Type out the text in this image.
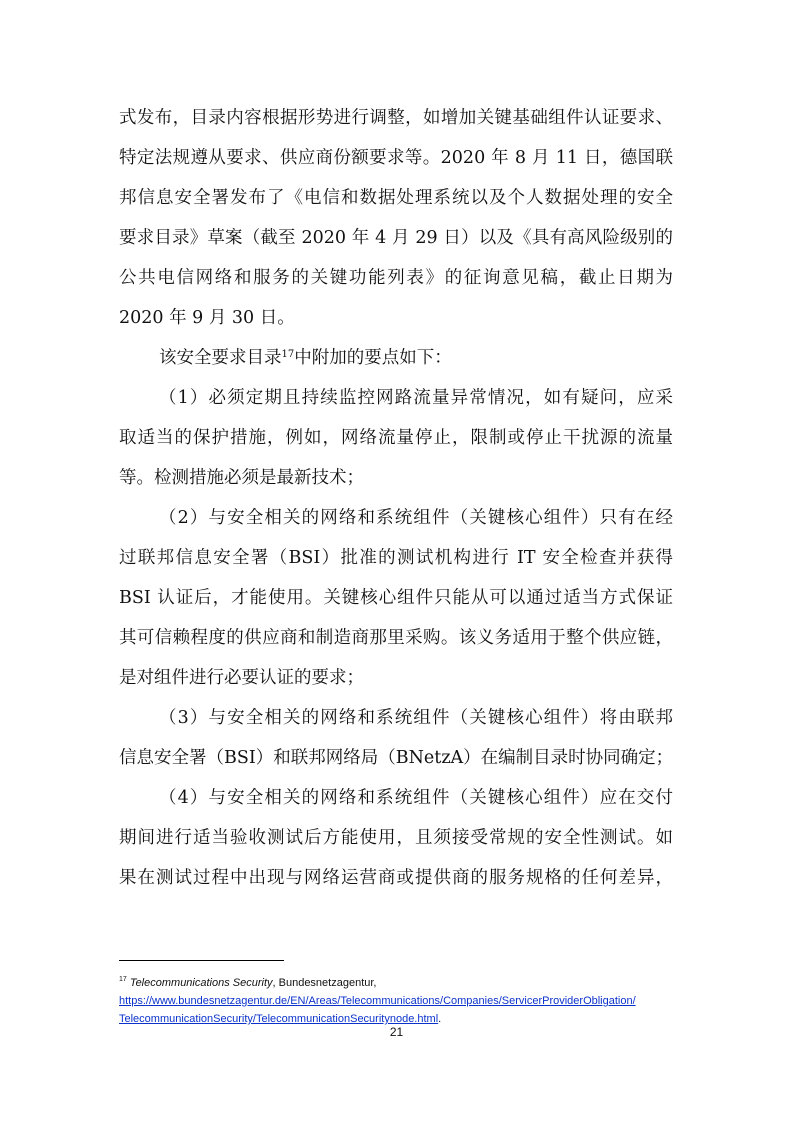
式发布，目录内容根据形势进行调整，如增加关键基础组件认证要求、
特定法规遵从要求、供应商份额要求等。2020 年 8 月 11 日，德国联
邦信息安全署发布了《电信和数据处理系统以及个人数据处理的安全
要求目录》草案（截至 2020 年 4 月 29 日）以及《具有高风险级别的
公共电信网络和服务的关键功能列表》的征询意见稿，截止日期为
2020 年 9 月 30 日。
该安全要求目录$^{17}$中附加的要点如下：
（1）必须定期且持续监控网路流量异常情况，如有疑问，应采
取适当的保护措施，例如，网络流量停止，限制或停止干扰源的流量
等。检测措施必须是最新技术；
（2）与安全相关的网络和系统组件（关键核心组件）只有在经
过联邦信息安全署（BSI）批准的测试机构进行 IT 安全检查并获得
BSI 认证后，才能使用。关键核心组件只能从可以通过适当方式保证
其可信赖程度的供应商和制造商那里采购。该义务适用于整个供应链，
是对组件进行必要认证的要求；
（3）与安全相关的网络和系统组件（关键核心组件）将由联邦
信息安全署（BSI）和联邦网络局（BNetzA）在编制目录时协同确定；
（4）与安全相关的网络和系统组件（关键核心组件）应在交付
期间进行适当验收测试后方能使用，且须接受常规的安全性测试。如
果在测试过程中出现与网络运营商或提供商的服务规格的任何差异，
$^{17}$ Telecommunications Security, Bundesnetzagentur,
https://www.bundesnetzagentur.de/EN/Areas/Telecommunications/Companies/ServicerProviderObligation/
TelecommunicationSecurity/TelecommunicationSecuritynode.html.
21
